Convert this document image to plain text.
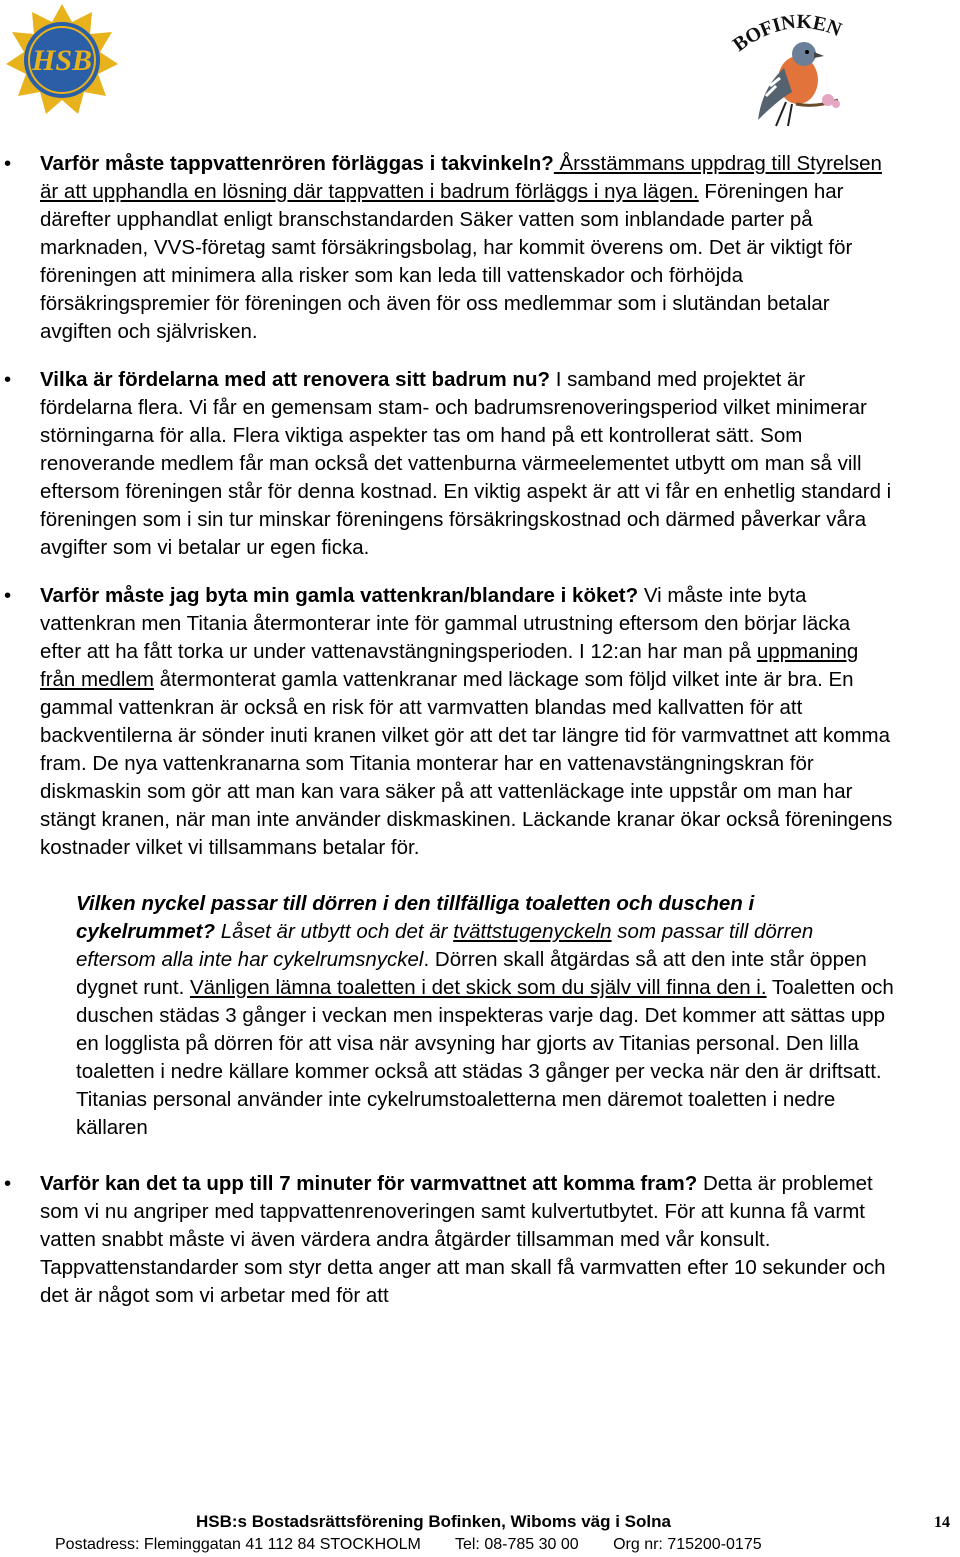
HSB
BOFINKEN
• Varför måste tappvattenrören förläggas i takvinkeln? Årsstämmans uppdrag till Styrelsen är att upphandla en lösning där tappvatten i badrum förläggs i nya lägen. Föreningen har därefter upphandlat enligt branschstandarden Säker vatten som inblandade parter på marknaden, VVS-företag samt försäkringsbolag, har kommit överens om. Det är viktigt för föreningen att minimera alla risker som kan leda till vattenskador och förhöjda försäkringspremier för föreningen och även för oss medlemmar som i slutändan betalar avgiften och självrisken.
• Vilka är fördelarna med att renovera sitt badrum nu? I samband med projektet är fördelarna flera. Vi får en gemensam stam- och badrumsrenoveringsperiod vilket minimerar störningarna för alla. Flera viktiga aspekter tas om hand på ett kontrollerat sätt. Som renoverande medlem får man också det vattenburna värmeelementet utbytt om man så vill eftersom föreningen står för denna kostnad. En viktig aspekt är att vi får en enhetlig standard i föreningen som i sin tur minskar föreningens försäkringskostnad och därmed påverkar våra avgifter som vi betalar ur egen ficka.
• Varför måste jag byta min gamla vattenkran/blandare i köket? Vi måste inte byta vattenkran men Titania återmonterar inte för gammal utrustning eftersom den börjar läcka efter att ha fått torka ur under vattenavstängningsperioden. I 12:an har man på uppmaning från medlem återmonterat gamla vattenkranar med läckage som följd vilket inte är bra. En gammal vattenkran är också en risk för att varmvatten blandas med kallvatten för att backventilerna är sönder inuti kranen vilket gör att det tar längre tid för varmvattnet att komma fram. De nya vattenkranarna som Titania monterar har en vattenavstängningskran för diskmaskin som gör att man kan vara säker på att vattenläckage inte uppstår om man har stängt kranen, när man inte använder diskmaskinen. Läckande kranar ökar också föreningens kostnader vilket vi tillsammans betalar för.
Vilken nyckel passar till dörren i den tillfälliga toaletten och duschen i cykelrummet? Låset är utbytt och det är tvättstugenyckeln som passar till dörren eftersom alla inte har cykelrumsnyckel. Dörren skall åtgärdas så att den inte står öppen dygnet runt. Vänligen lämna toaletten i det skick som du själv vill finna den i. Toaletten och duschen städas 3 gånger i veckan men inspekteras varje dag. Det kommer att sättas upp en logglista på dörren för att visa när avsyning har gjorts av Titanias personal. Den lilla toaletten i nedre källare kommer också att städas 3 gånger per vecka när den är driftsatt. Titanias personal använder inte cykelrumstoaletterna men däremot toaletten i nedre källaren
• Varför kan det ta upp till 7 minuter för varmvattnet att komma fram? Detta är problemet som vi nu angriper med tappvattenrenoveringen samt kulvertutbytet. För att kunna få varmt vatten snabbt måste vi även värdera andra åtgärder tillsamman med vår konsult. Tappvattenstandarder som styr detta anger att man skall få varmvatten efter 10 sekunder och det är något som vi arbetar med för att
HSB:s Bostadsrättsförening Bofinken, Wiboms väg i Solna
Postadress: Fleminggatan 41 112 84 STOCKHOLM Tel: 08-785 30 00 Org nr: 715200-0175
14
